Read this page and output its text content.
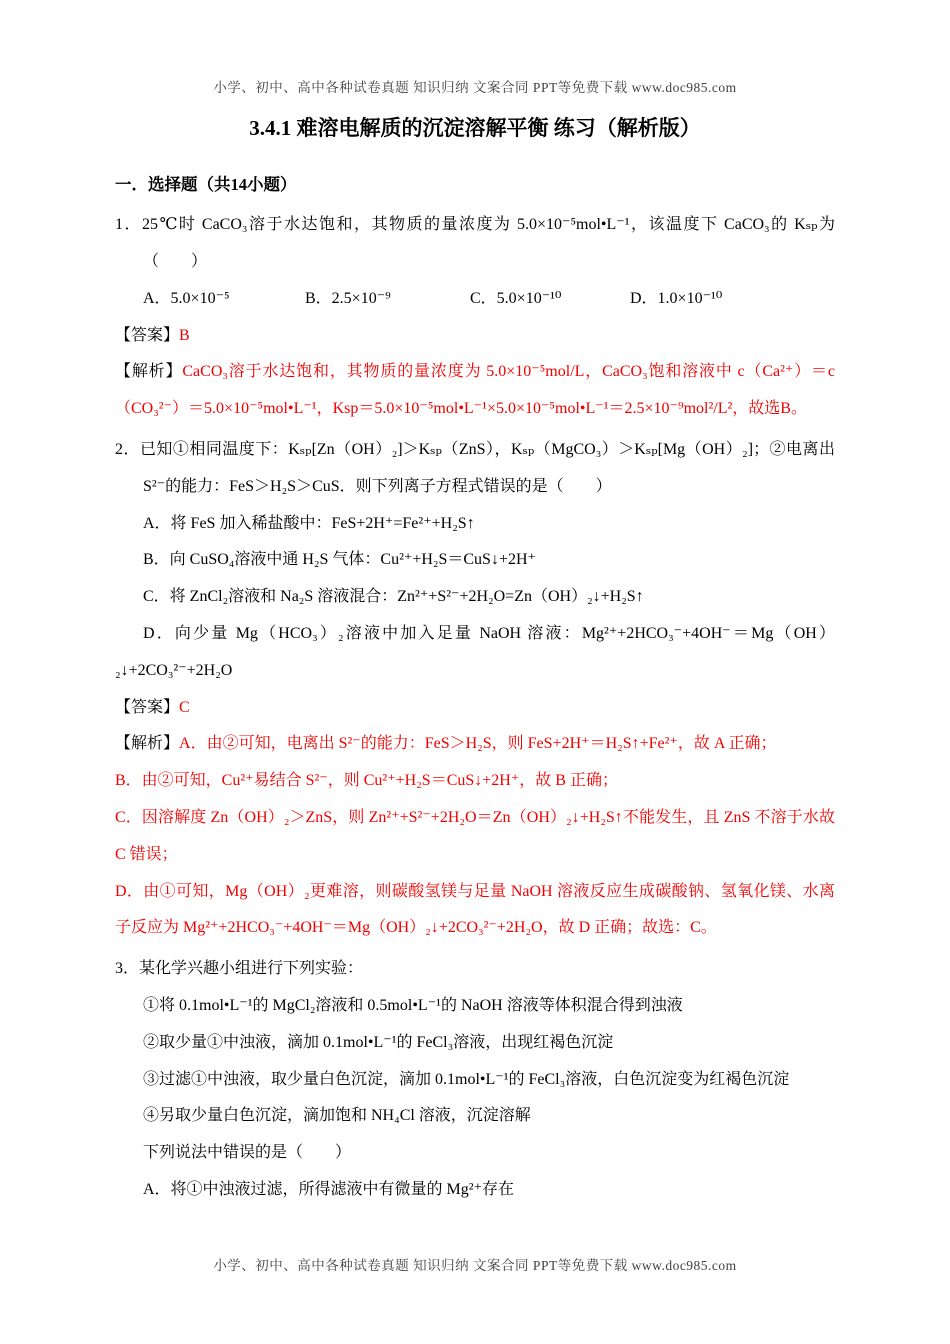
小学、初中、高中各种试卷真题 知识归纳 文案合同 PPT等免费下载 www.doc985.com
3.4.1 难溶电解质的沉淀溶解平衡 练习（解析版）
一．选择题（共14小题）

1．25℃时 CaCO₃溶于水达饱和，其物质的量浓度为 5.0×10⁻⁵mol•L⁻¹，该温度下 CaCO₃的 Kₛₚ为（　　）

A．5.0×10⁻⁵	B．2.5×10⁻⁹	C．5.0×10⁻¹⁰	D．1.0×10⁻¹⁰

【答案】B

【解析】CaCO₃溶于水达饱和，其物质的量浓度为 5.0×10⁻⁵mol/L，CaCO₃饱和溶液中 c（Ca²⁺）＝c（CO₃²⁻）＝5.0×10⁻⁵mol•L⁻¹，Ksp＝5.0×10⁻⁵mol•L⁻¹×5.0×10⁻⁵mol•L⁻¹＝2.5×10⁻⁹mol²/L²，故选B。

2．已知①相同温度下：Kₛₚ[Zn（OH）₂]＞Kₛₚ（ZnS），Kₛₚ（MgCO₃）＞Kₛₚ[Mg（OH）₂]；②电离出 S²⁻的能力：FeS＞H₂S＞CuS．则下列离子方程式错误的是（　　）

A．将 FeS 加入稀盐酸中：FeS+2H⁺=Fe²⁺+H₂S↑

B．向 CuSO₄溶液中通 H₂S 气体：Cu²⁺+H₂S＝CuS↓+2H⁺

C．将 ZnCl₂溶液和 Na₂S 溶液混合：Zn²⁺+S²⁻+2H₂O=Zn（OH）₂↓+H₂S↑

D．向少量 Mg（HCO₃）₂溶液中加入足量 NaOH 溶液：Mg²⁺+2HCO₃⁻+4OH⁻＝Mg（OH）₂↓+2CO₃²⁻+2H₂O

【答案】C

【解析】A．由②可知，电离出 S²⁻的能力：FeS＞H₂S，则 FeS+2H⁺＝H₂S↑+Fe²⁺，故 A 正确；

B．由②可知，Cu²⁺易结合 S²⁻，则 Cu²⁺+H₂S＝CuS↓+2H⁺，故 B 正确；

C．因溶解度 Zn（OH）₂＞ZnS，则 Zn²⁺+S²⁻+2H₂O＝Zn（OH）₂↓+H₂S↑不能发生，且 ZnS 不溶于水故 C 错误；

D．由①可知，Mg（OH）₂更难溶，则碳酸氢镁与足量 NaOH 溶液反应生成碳酸钠、氢氧化镁、水离子反应为 Mg²⁺+2HCO₃⁻+4OH⁻＝Mg（OH）₂↓+2CO₃²⁻+2H₂O，故 D 正确；故选：C。

3．某化学兴趣小组进行下列实验：

①将 0.1mol•L⁻¹的 MgCl₂溶液和 0.5mol•L⁻¹的 NaOH 溶液等体积混合得到浊液

②取少量①中浊液，滴加 0.1mol•L⁻¹的 FeCl₃溶液，出现红褐色沉淀

③过滤①中浊液，取少量白色沉淀，滴加 0.1mol•L⁻¹的 FeCl₃溶液，白色沉淀变为红褐色沉淀

④另取少量白色沉淀，滴加饱和 NH₄Cl 溶液，沉淀溶解

下列说法中错误的是（　　）

A．将①中浊液过滤，所得滤液中有微量的 Mg²⁺存在

小学、初中、高中各种试卷真题 知识归纳 文案合同 PPT等免费下载 www.doc985.com
